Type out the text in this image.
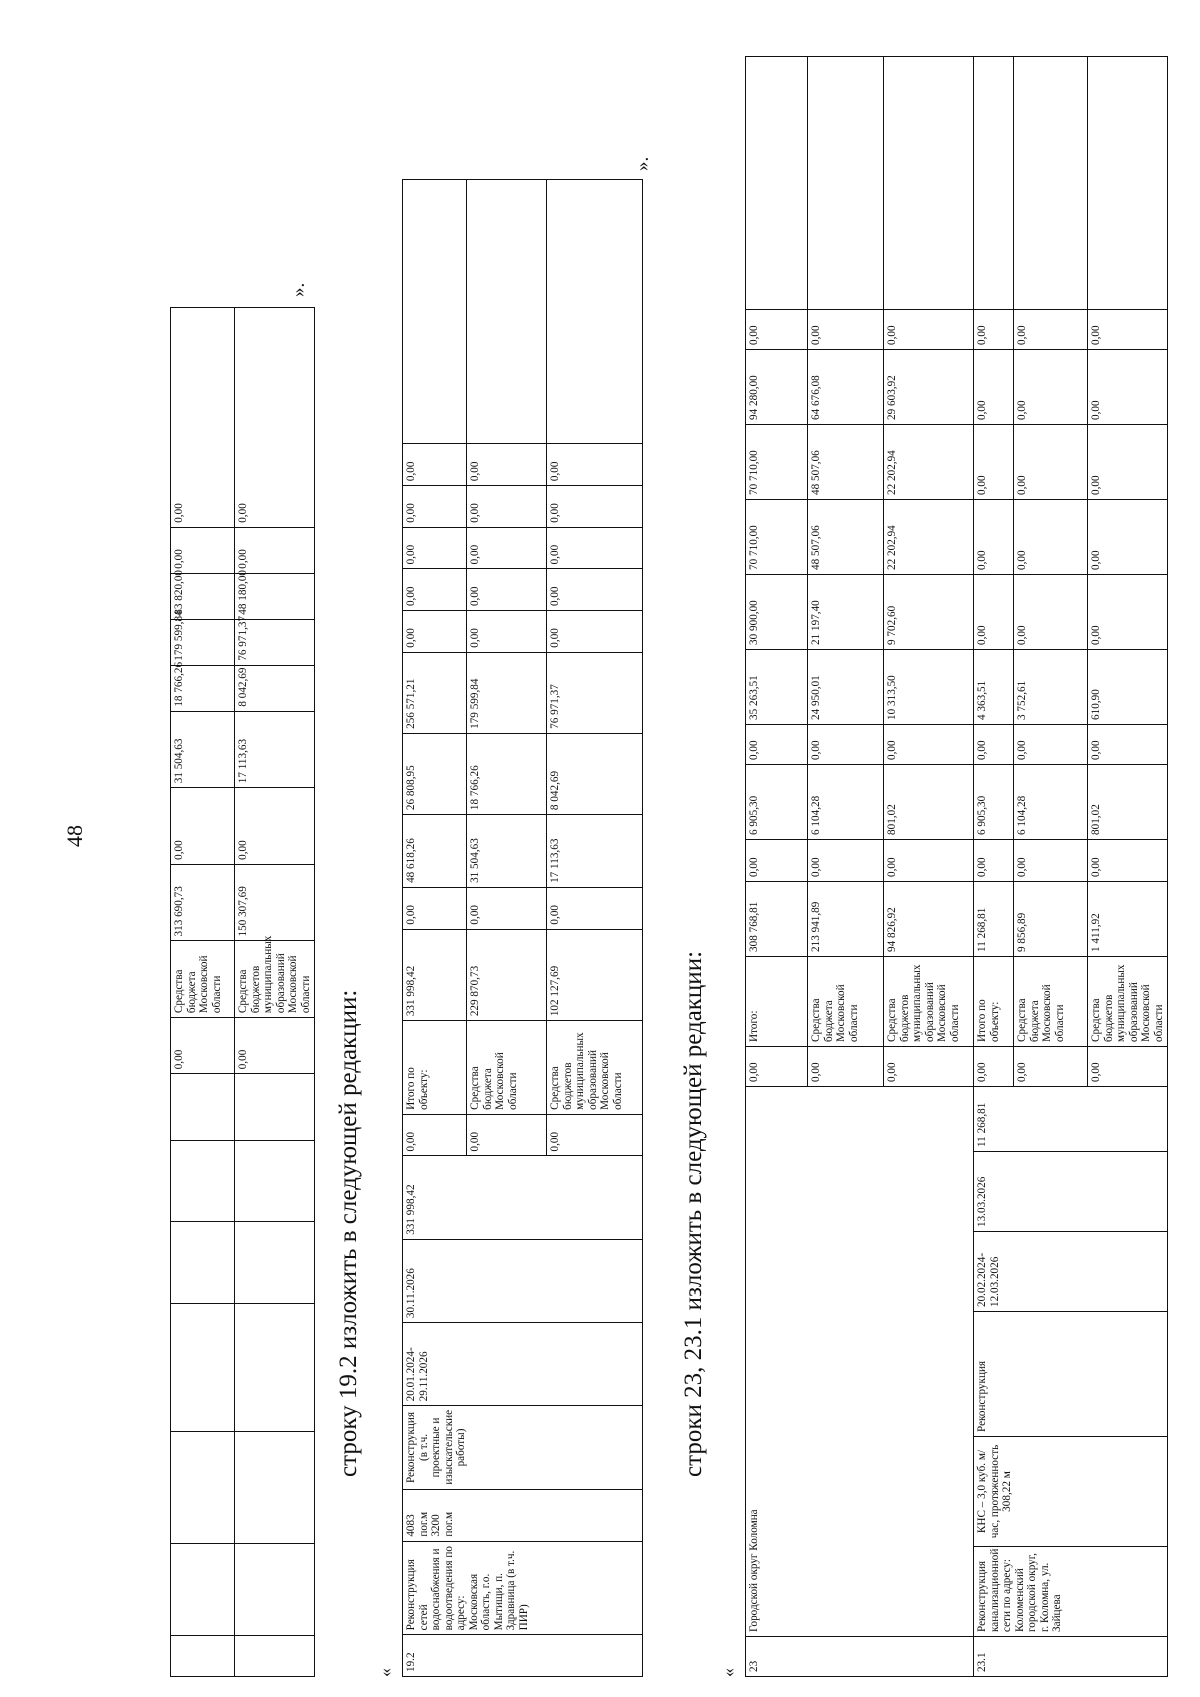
48
							0,00	Средства бюджета Московской области	313 690,73	0,00	31 504,63	18 766,26	179 599,84	83 820,00	0,00	0,00
							0,00	Средства бюджетов муниципальных образований Московской области	150 307,69	0,00	17 113,63	8 042,69	76 971,37	48 180,00	0,00	0,00
».
строку 19.2 изложить в следующей редакции:
«
19.2	Реконструкция сетей водоснабжения и водоотведения по адресу: Московская область, г.о. Мытищи, п. Здравница (в т.ч. ПИР)	4083 пог.м 3200 пог.м	Реконструкция (в т.ч. проектные и изыскательские работы)	20.01.2024-29.11.2026	30.11.2026	331 998,42	0,00	Итого по объекту:	331 998,42	0,00	48 618,26	26 808,95	256 571,21	0,00	0,00	0,00	0,00	0,00	
							0,00	Средства бюджета Московской области	229 870,73	0,00	31 504,63	18 766,26	179 599,84	0,00	0,00	0,00	0,00	0,00	
							0,00	Средства бюджетов муниципальных образований Московской области	102 127,69	0,00	17 113,63	8 042,69	76 971,37	0,00	0,00	0,00	0,00	0,00	
».
строки 23, 23.1 изложить в следующей редакции:
«
23	Городской округ Коломна						0,00	Итого:	308 768,81	0,00	6 905,30	0,00	35 263,51	30 900,00	70 710,00	70 710,00	94 280,00	0,00	
							0,00	Средства бюджета Московской области	213 941,89	0,00	6 104,28	0,00	24 950,01	21 197,40	48 507,06	48 507,06	64 676,08	0,00	
							0,00	Средства бюджетов муниципальных образований Московской области	94 826,92	0,00	801,02	0,00	10 313,50	9 702,60	22 202,94	22 202,94	29 603,92	0,00	
23.1	Реконструкция канализационной сети по адресу: Коломенский городской округ, г. Коломна, ул. Зайцева	КНС – 3,0 куб. м/час, протяженность 308,22 м	Реконструкция	20.02.2024-12.03.2026	13.03.2026	11 268,81	0,00	Итого по объекту:	11 268,81	0,00	6 905,30	0,00	4 363,51	0,00	0,00	0,00	0,00	0,00	
							0,00	Средства бюджета Московской области	9 856,89	0,00	6 104,28	0,00	3 752,61	0,00	0,00	0,00	0,00	0,00	
							0,00	Средства бюджетов муниципальных образований Московской области	1 411,92	0,00	801,02	0,00	610,90	0,00	0,00	0,00	0,00	0,00	
